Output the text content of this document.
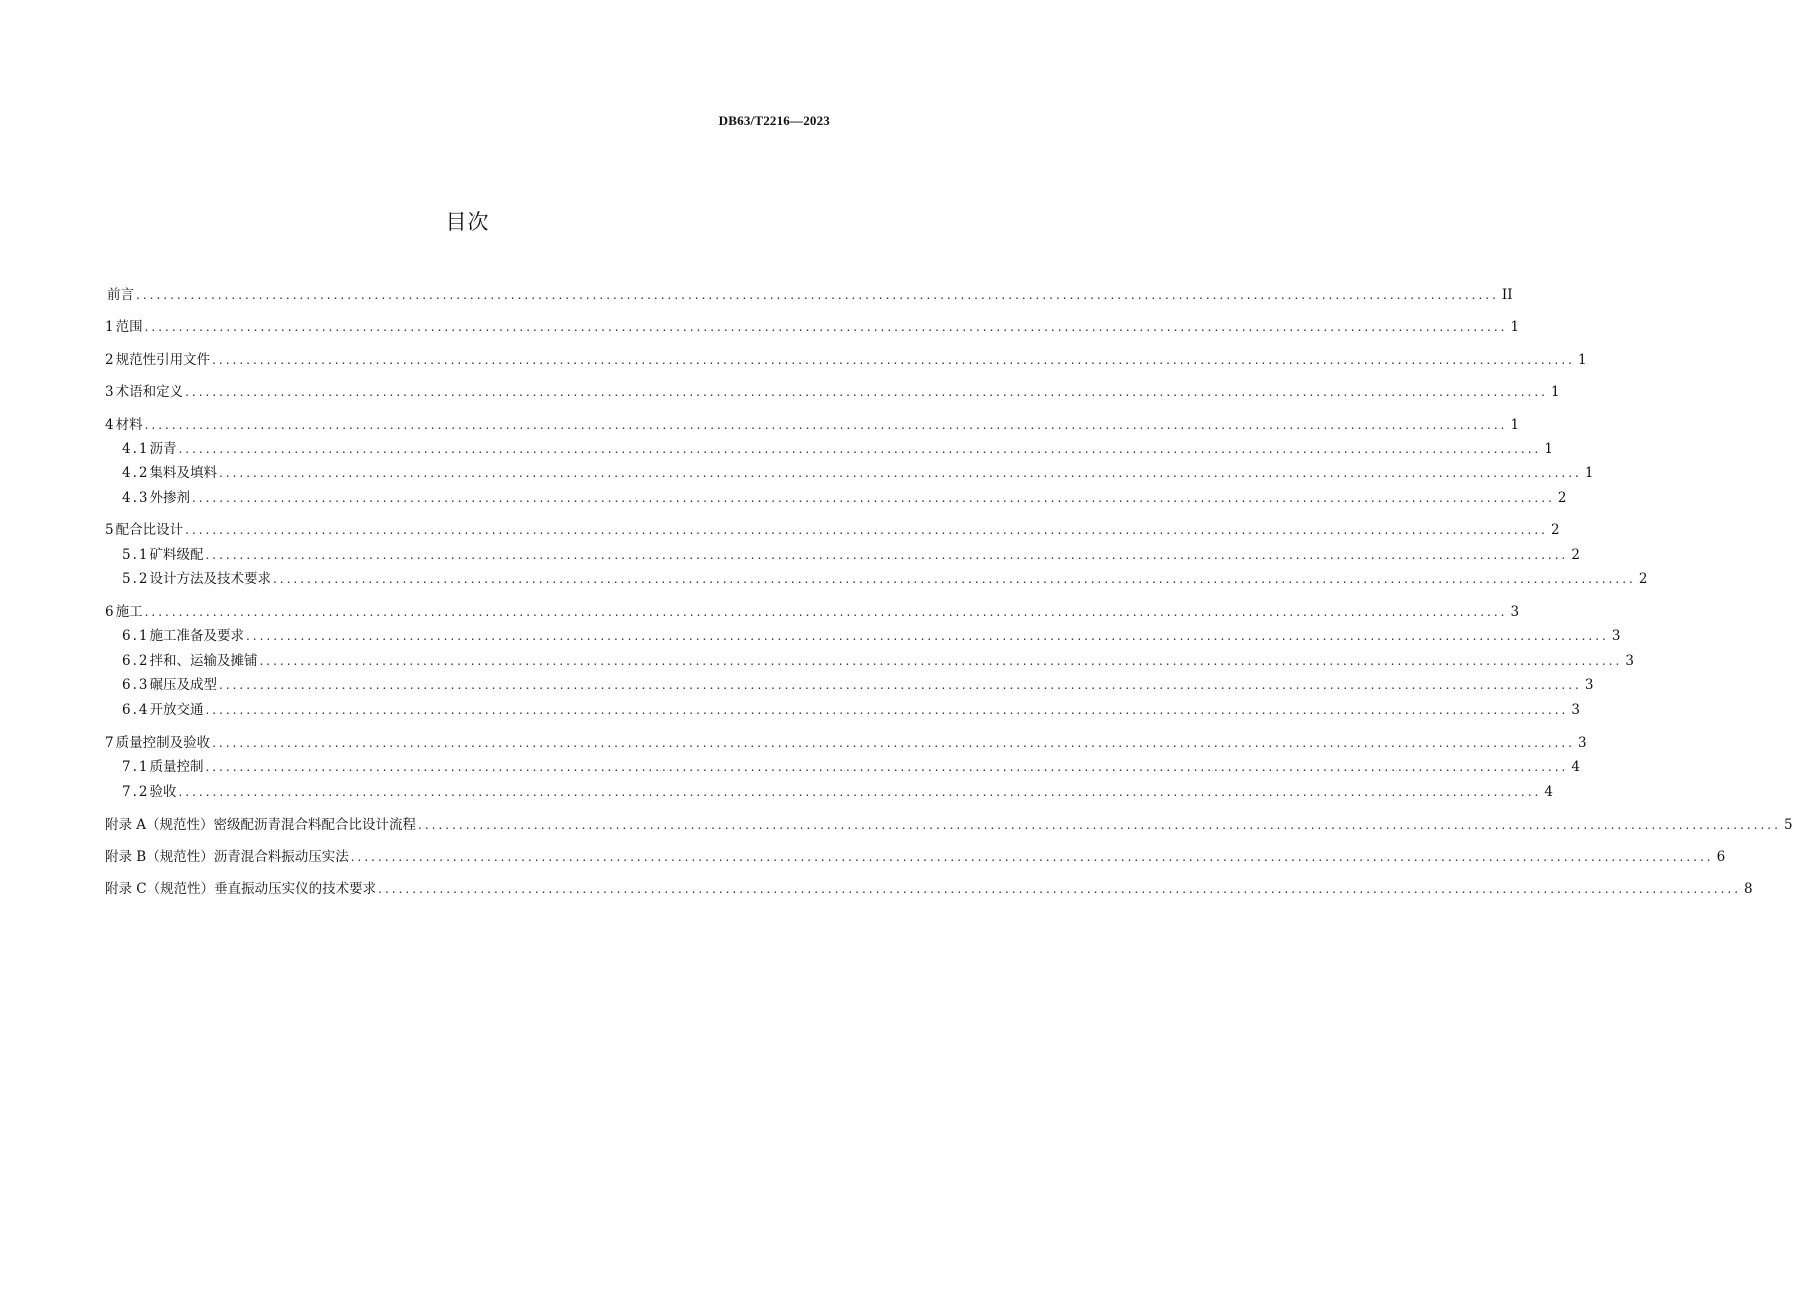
DB63/T2216—2023
目次
前言 ........................................................................................................................................................................................................ II
1 范围 ........................................................................................................................................................................................................ 1
2 规范性引用文件 ........................................................................................................................................................................................................ 1
3 术语和定义 ........................................................................................................................................................................................................ 1
4 材料 ........................................................................................................................................................................................................ 1
4.1 沥青 ........................................................................................................................................................................................................ 1
4.2 集料及填料 ........................................................................................................................................................................................................ 1
4.3 外掺剂 ........................................................................................................................................................................................................ 2
5 配合比设计 ........................................................................................................................................................................................................ 2
5.1 矿料级配 ........................................................................................................................................................................................................ 2
5.2 设计方法及技术要求 ........................................................................................................................................................................................................ 2
6 施工 ........................................................................................................................................................................................................ 3
6.1 施工准备及要求 ........................................................................................................................................................................................................ 3
6.2 拌和、运输及摊铺 ........................................................................................................................................................................................................ 3
6.3 碾压及成型 ........................................................................................................................................................................................................ 3
6.4 开放交通 ........................................................................................................................................................................................................ 3
7 质量控制及验收 ........................................................................................................................................................................................................ 3
7.1 质量控制 ........................................................................................................................................................................................................ 4
7.2 验收 ........................................................................................................................................................................................................ 4
附录 A （规范性）密级配沥青混合料配合比设计流程 ........................................................................................................................................................................................................ 5
附录 B （规范性）沥青混合料振动压实法 ........................................................................................................................................................................................................ 6
附录 C （规范性）垂直振动压实仪的技术要求 ........................................................................................................................................................................................................ 8
